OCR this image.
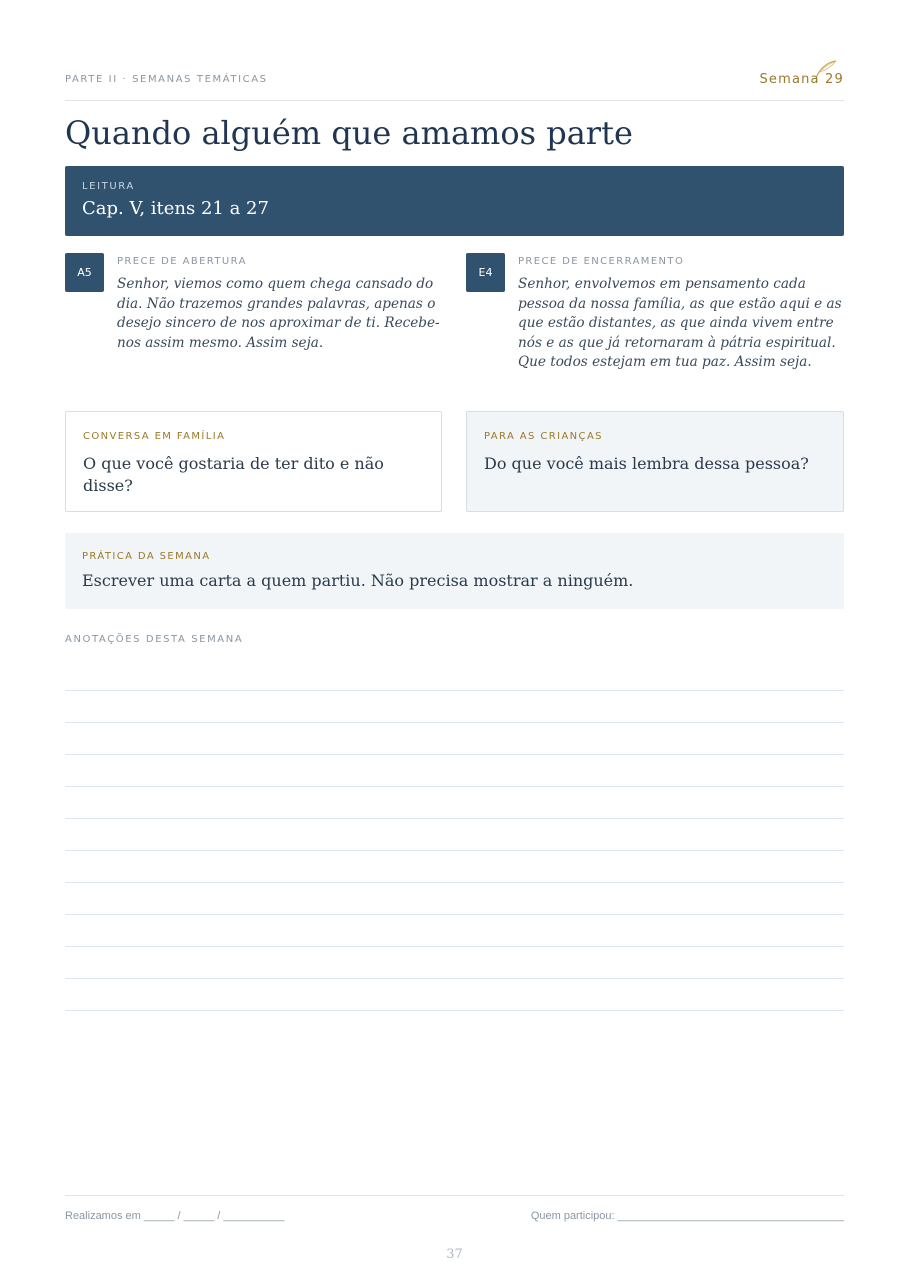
PARTE II · SEMANAS TEMÁTICAS	Semana 29
Quando alguém que amamos parte
LEITURA
Cap. V, itens 21 a 27
A5
PRECE DE ABERTURA
Senhor, viemos como quem chega cansado do dia. Não trazemos grandes palavras, apenas o desejo sincero de nos aproximar de ti. Recebe-nos assim mesmo. Assim seja.
E4
PRECE DE ENCERRAMENTO
Senhor, envolvemos em pensamento cada pessoa da nossa família, as que estão aqui e as que estão distantes, as que ainda vivem entre nós e as que já retornaram à pátria espiritual. Que todos estejam em tua paz. Assim seja.
CONVERSA EM FAMÍLIA
O que você gostaria de ter dito e não disse?
PARA AS CRIANÇAS
Do que você mais lembra dessa pessoa?
PRÁTICA DA SEMANA
Escrever uma carta a quem partiu. Não precisa mostrar a ninguém.
ANOTAÇÕES DESTA SEMANA
Realizamos em _____ / _____ / __________	Quem participou: _____________________________________
37
